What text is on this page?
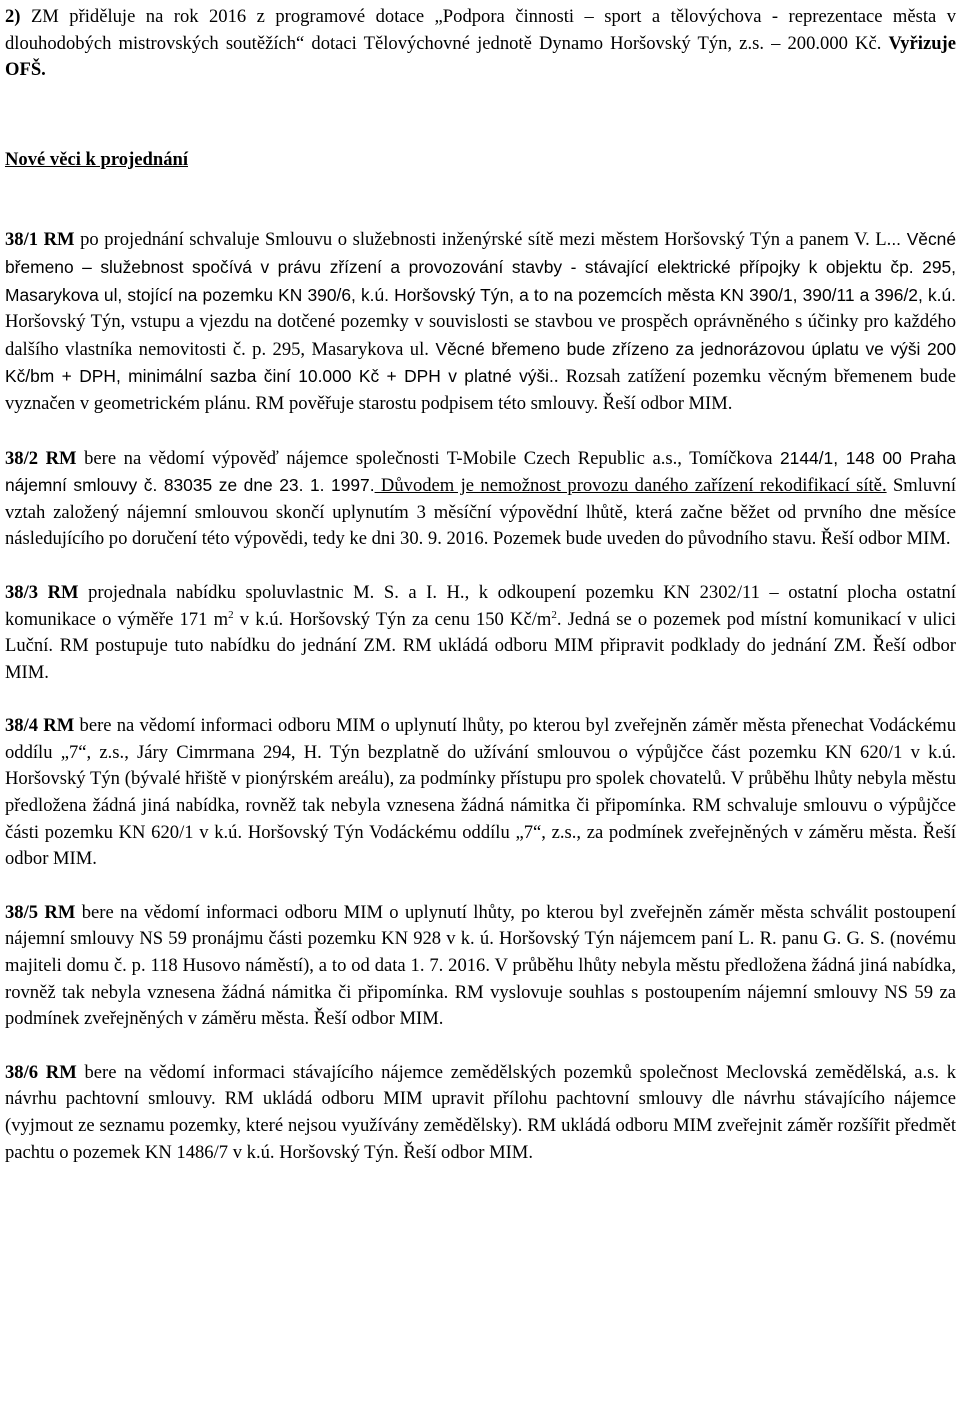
2) ZM přiděluje na rok 2016 z programové dotace „Podpora činnosti – sport a tělovýchova - reprezentace města v dlouhodobých mistrovských soutěžích“ dotaci Tělovýchovné jednotě Dynamo Horšovský Týn, z.s. – 200.000 Kč. Vyřizuje OFŠ.

Nové věci k projednání

38/1 RM po projednání schvaluje Smlouvu o služebnosti inženýrské sítě mezi městem Horšovský Týn a panem V. L... Věcné břemeno – služebnost spočívá v právu zřízení a provozování stavby - stávající elektrické přípojky k objektu čp. 295, Masarykova ul, stojící na pozemku KN 390/6, k.ú. Horšovský Týn, a to na pozemcích města KN 390/1, 390/11 a 396/2, k.ú. Horšovský Týn, vstupu a vjezdu na dotčené pozemky v souvislosti se stavbou ve prospěch oprávněného s účinky pro každého dalšího vlastníka nemovitosti č. p. 295, Masarykova ul. Věcné břemeno bude zřízeno za jednorázovou úplatu ve výši 200 Kč/bm + DPH, minimální sazba činí 10.000 Kč + DPH v platné výši.. Rozsah zatížení pozemku věcným břemenem bude vyznačen v geometrickém plánu. RM pověřuje starostu podpisem této smlouvy. Řeší odbor MIM.

38/2 RM bere na vědomí výpověď nájemce společnosti T-Mobile Czech Republic a.s., Tomíčkova 2144/1, 148 00 Praha nájemní smlouvy č. 83035 ze dne 23. 1. 1997. Důvodem je nemožnost provozu daného zařízení rekodifikací sítě. Smluvní vztah založený nájemní smlouvou skončí uplynutím 3 měsíční výpovědní lhůtě, která začne běžet od prvního dne měsíce následujícího po doručení této výpovědi, tedy ke dni 30. 9. 2016. Pozemek bude uveden do původního stavu. Řeší odbor MIM.

38/3 RM projednala nabídku spoluvlastnic M. S. a I. H., k odkoupení pozemku KN 2302/11 – ostatní plocha ostatní komunikace o výměře 171 $m^2$ v k.ú. Horšovský Týn za cenu 150 $Kč/m^2$. Jedná se o pozemek pod místní komunikací v ulici Luční. RM postupuje tuto nabídku do jednání ZM. RM ukládá odboru MIM připravit podklady do jednání ZM. Řeší odbor MIM.

38/4 RM bere na vědomí informaci odboru MIM o uplynutí lhůty, po kterou byl zveřejněn záměr města přenechat Vodáckému oddílu „7“, z.s., Járy Cimrmana 294, H. Týn bezplatně do užívání smlouvou o výpůjčce část pozemku KN 620/1 v k.ú. Horšovský Týn (bývalé hřiště v pionýrském areálu), za podmínky přístupu pro spolek chovatelů. V průběhu lhůty nebyla městu předložena žádná jiná nabídka, rovněž tak nebyla vznesena žádná námitka či připomínka. RM schvaluje smlouvu o výpůjčce části pozemku KN 620/1 v k.ú. Horšovský Týn Vodáckému oddílu „7“, z.s., za podmínek zveřejněných v záměru města. Řeší odbor MIM.

38/5 RM bere na vědomí informaci odboru MIM o uplynutí lhůty, po kterou byl zveřejněn záměr města schválit postoupení nájemní smlouvy NS 59 pronájmu části pozemku KN 928 v k. ú. Horšovský Týn nájemcem paní L. R. panu G. G. S. (novému majiteli domu č. p. 118 Husovo náměstí), a to od data 1. 7. 2016. V průběhu lhůty nebyla městu předložena žádná jiná nabídka, rovněž tak nebyla vznesena žádná námitka či připomínka. RM vyslovuje souhlas s postoupením nájemní smlouvy NS 59 za podmínek zveřejněných v záměru města. Řeší odbor MIM.

38/6 RM bere na vědomí informaci stávajícího nájemce zemědělských pozemků společnost Meclovská zemědělská, a.s. k návrhu pachtovní smlouvy. RM ukládá odboru MIM upravit přílohu pachtovní smlouvy dle návrhu stávajícího nájemce (vyjmout ze seznamu pozemky, které nejsou využívány zemědělsky). RM ukládá odboru MIM zveřejnit záměr rozšířit předmět pachtu o pozemek KN 1486/7 v k.ú. Horšovský Týn. Řeší odbor MIM.
